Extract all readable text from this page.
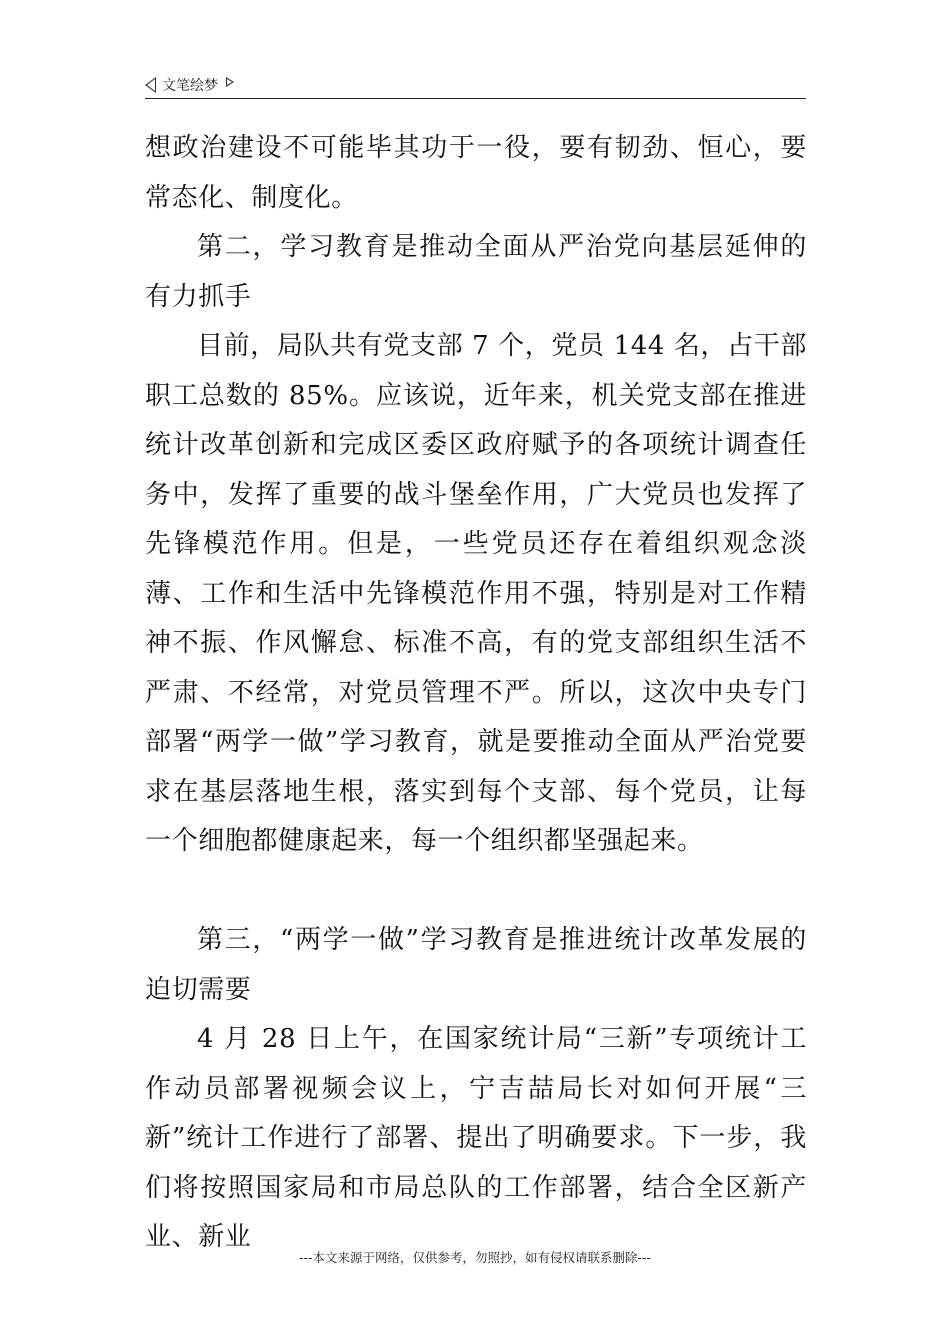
文笔绘梦

想政治建设不可能毕其功于一役，要有韧劲、恒心，要常态化、制度化。

第二，学习教育是推动全面从严治党向基层延伸的有力抓手

目前，局队共有党支部 7 个，党员 144 名，占干部职工总数的 85%。应该说，近年来，机关党支部在推进统计改革创新和完成区委区政府赋予的各项统计调查任务中，发挥了重要的战斗堡垒作用，广大党员也发挥了先锋模范作用。但是，一些党员还存在着组织观念淡薄、工作和生活中先锋模范作用不强，特别是对工作精神不振、作风懈怠、标准不高，有的党支部组织生活不严肃、不经常，对党员管理不严。所以，这次中央专门部署“两学一做”学习教育，就是要推动全面从严治党要求在基层落地生根，落实到每个支部、每个党员，让每一个细胞都健康起来，每一个组织都坚强起来。

第三，“两学一做”学习教育是推进统计改革发展的迫切需要

4 月 28 日上午，在国家统计局“三新”专项统计工作动员部署视频会议上，宁吉喆局长对如何开展“三新”统计工作进行了部署、提出了明确要求。下一步，我们将按照国家局和市局总队的工作部署，结合全区新产业、新业

---本文来源于网络，仅供参考，勿照抄，如有侵权请联系删除---
